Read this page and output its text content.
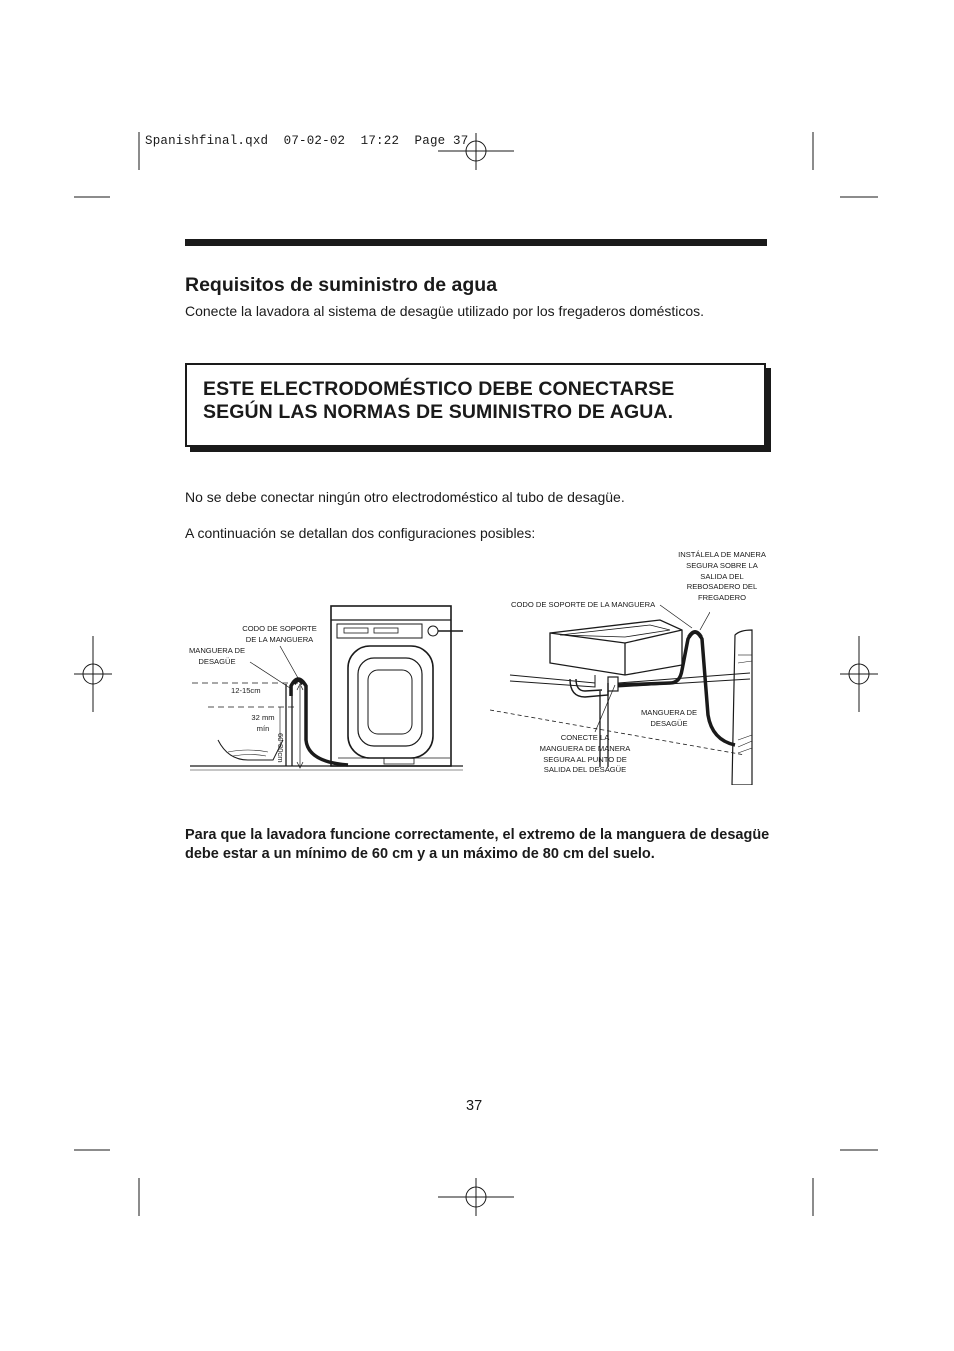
Spanishfinal.qxd  07-02-02  17:22  Page 37
Requisitos de suministro de agua
Conecte la lavadora al sistema de desagüe utilizado por los fregaderos domésticos.

ESTE ELECTRODOMÉSTICO DEBE CONECTARSE
SEGÚN LAS NORMAS DE SUMINISTRO DE AGUA.

No se debe conectar ningún otro electrodoméstico al tubo de desagüe.
A continuación se detallan dos configuraciones posibles:
CODO DE SOPORTE
DE LA MANGUERA
MANGUERA DE
DESAGÜE
12-15cm
32 mm
mín
60-80cm
CODO DE SOPORTE DE LA MANGUERA
INSTÁLELA DE MANERA
SEGURA SOBRE LA
SALIDA DEL
REBOSADERO DEL
FREGADERO
MANGUERA DE
DESAGÜE
CONECTE LA
MANGUERA DE MANERA
SEGURA AL PUNTO DE
SALIDA DEL DESAGÜE
Para que la lavadora funcione correctamente, el extremo de la manguera de desagüe debe estar a un mínimo de 60 cm y a un máximo de 80 cm del suelo.
37
